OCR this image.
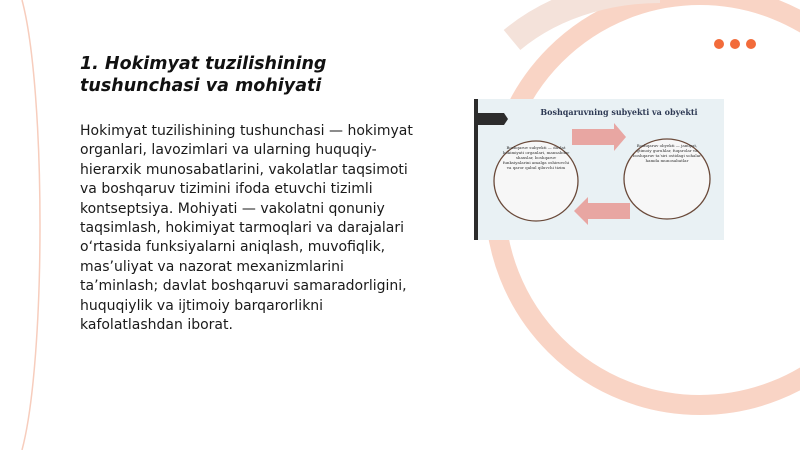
1. Hokimyat tuzilishining tushunchasi va mohiyati

Hokimyat tuzilishining tushunchasi — hokimyat organlari, lavozimlari va ularning huquqiy-hierarxik munosabatlarini, vakolatlar taqsimoti va boshqaruv tizimini ifoda etuvchi tizimli kontseptsiya. Mohiyati — vakolatni qonuniy taqsimlash, hokimiyat tarmoqlari va darajalari o‘rtasida funksiyalarni aniqlash, muvofiqlik, mas’uliyat va nazorat mexanizmlarini ta’minlash; davlat boshqaruvi samaradorligini, huquqiylik va ijtimoiy barqarorlikni kafolatlashdan iborat.

Boshqaruvning subyekti va obyekti
Boshqaruv subyekti — davlat hokimiyati organlari, mansabdor shaxslar, boshqaruv funksiyalarini amalga oshiruvchi va qaror qabul qiluvchi tizim
Boshqaruv obyekti — jamiyat, ijtimoiy guruhlar, fuqarolar va boshqaruv ta’siri ostidagi sohalar hamda munosabatlar
